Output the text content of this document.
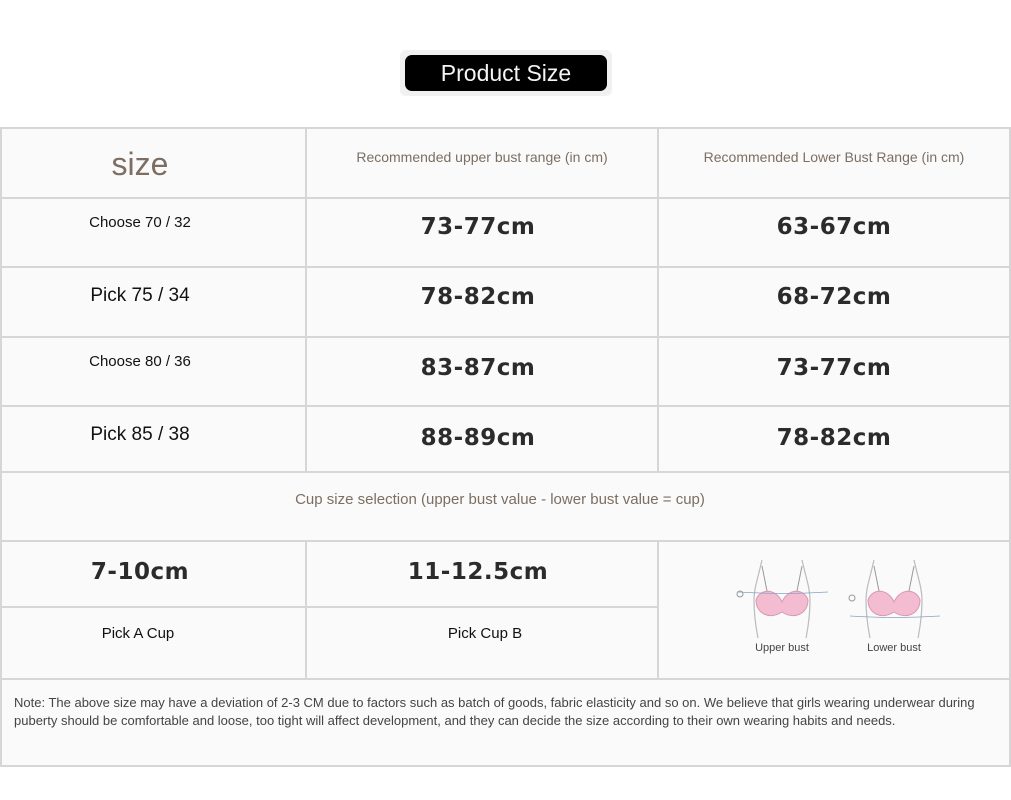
Product Size
size	Recommended upper bust range (in cm)	Recommended Lower Bust Range (in cm)
Choose 70 / 32	73-77cm	63-67cm
Pick 75 / 34	78-82cm	68-72cm
Choose 80 / 36	83-87cm	73-77cm
Pick 85 / 38	88-89cm	78-82cm
Cup size selection (upper bust value - lower bust value = cup)
7-10cm	11-12.5cm
Pick A Cup	Pick Cup B
Upper bust	Lower bust
Note: The above size may have a deviation of 2-3 CM due to factors such as batch of goods, fabric elasticity and so on. We believe that girls wearing underwear during puberty should be comfortable and loose, too tight will affect development, and they can decide the size according to their own wearing habits and needs.
